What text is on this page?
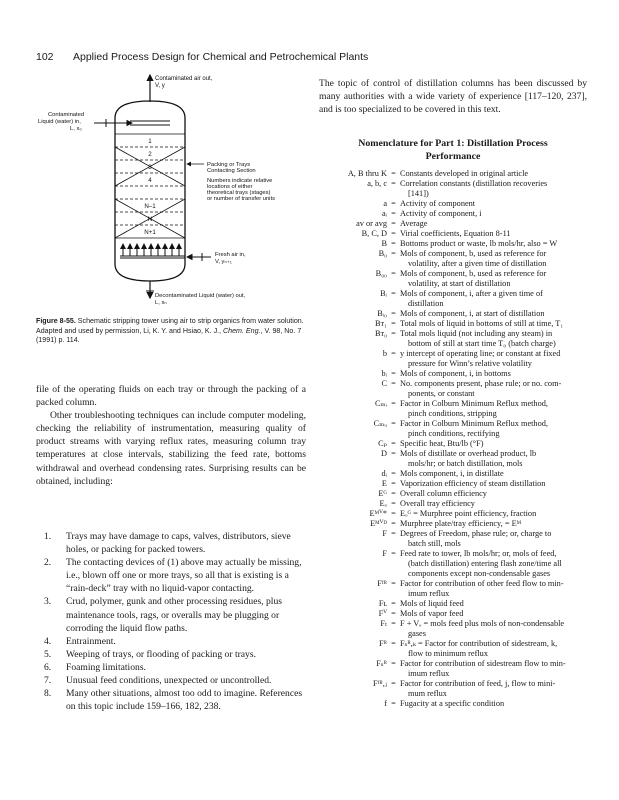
102 Applied Process Design for Chemical and Petrochemical Plants
Contaminated air out,
V, y
Contaminated
Liquid (water) in,
L, x₀
1
2
3
4
N–1
N
N+1
Packing or Trays
Contacting Section
Numbers indicate relative
locations of either
theoretical trays (stages)
or number of transfer units
Fresh air in,
V, yₙ₊₁
Decontaminated Liquid (water) out,
L, xₙ
Figure 8-55. Schematic stripping tower using air to strip organics from water solution. Adapted and used by permission, Li, K. Y. and Hsiao, K. J., Chem. Eng., V. 98, No. 7 (1991) p. 114.

file of the operating fluids on each tray or through the packing of a packed column.

Other troubleshooting techniques can include computer modeling, checking the reliability of instrumentation, measuring quality of product streams with varying reflux rates, measuring column tray temperatures at close intervals, stabilizing the feed rate, bottoms withdrawal and overhead condensing rates. Surprising results can be obtained, including:

1. Trays may have damage to caps, valves, distributors, sieve holes, or packing for packed towers.
2. The contacting devices of (1) above may actually be missing, i.e., blown off one or more trays, so all that is existing is a “rain-deck” tray with no liquid-vapor contacting.
3. Crud, polymer, gunk and other processing residues, plus maintenance tools, rags, or overalls may be plugging or corroding the liquid flow paths.
4. Entrainment.
5. Weeping of trays, or flooding of packing or trays.
6. Foaming limitations.
7. Unusual feed conditions, unexpected or uncontrolled.
8. Many other situations, almost too odd to imagine. References on this topic include 159–166, 182, 238.

The topic of control of distillation columns has been discussed by many authorities with a wide variety of experience [117–120, 237], and is too specialized to be covered in this text.

Nomenclature for Part 1: Distillation Process
Performance
A, B thru K = Constants developed in original article
a, b, c = Correlation constants (distillation recoveries
[141])
a = Activity of component
aᵢ = Activity of component, i
av or avg = Average
B, C, D = Virial coefficients, Equation 8-11
B = Bottoms product or waste, lb mols/hr, also = W
B₀ = Mols of component, b, used as reference for
volatility, after a given time of distillation
B₀₀ = Mols of component, b, used as reference for
volatility, at start of distillation
Bᵢ = Mols of component, i, after a given time of
distillation
Bᵢ₀ = Mols of component, i, at start of distillation
Bᴛ₁ = Total mols of liquid in bottoms of still at time, T₁
Bᴛ₀ = Total mols liquid (not including any steam) in
bottom of still at start time T₀ (batch charge)
b = y intercept of operating line; or constant at fixed
pressure for Winn’s relative volatility
bᵢ = Mols of component, i, in bottoms
C = No. components present, phase rule; or no. com-
ponents, or constant
Cₘᵢ = Factor in Colburn Minimum Reflux method,
pinch conditions, stripping
Cₘᵤ = Factor in Colburn Minimum Reflux method,
pinch conditions, rectifying
Cₚ = Specific heat, Btu/lb (°F)
D = Mols of distillate or overhead product, lb
mols/hr; or batch distillation, mols
dᵢ = Mols component, i, in distillate
E = Vaporization efficiency of steam distillation
Eᴳ = Overall column efficiency
Eₒ = Overall tray efficiency
Eᴹⱽ* = Eₒᴳ = Murphree point efficiency, fraction
Eᴹⱽᴰ = Murphree plate/tray efficiency, = Eᴹ
F = Degrees of Freedom, phase rule; or, charge to
batch still, mols
F = Feed rate to tower, lb mols/hr; or, mols of feed,
(batch distillation) entering flash zone/time all
components except non-condensable gases
Fᶠᴿ = Factor for contribution of other feed flow to min-
imum reflux
Fʟ = Mols of liquid feed
Fⱽ = Mols of vapor feed
Fₜ = F + Vₑ = mols feed plus mols of non-condensable
gases
Fᴿ = Fₛᴿ,ₖ = Factor for contribution of sidestream, k,
flow to minimum reflux
Fₛᴿ = Factor for contribution of sidestream flow to min-
imum reflux
Fᶠᴿ,ⱼ = Factor for contribution of feed, j, flow to mini-
mum reflux
f = Fugacity at a specific condition
